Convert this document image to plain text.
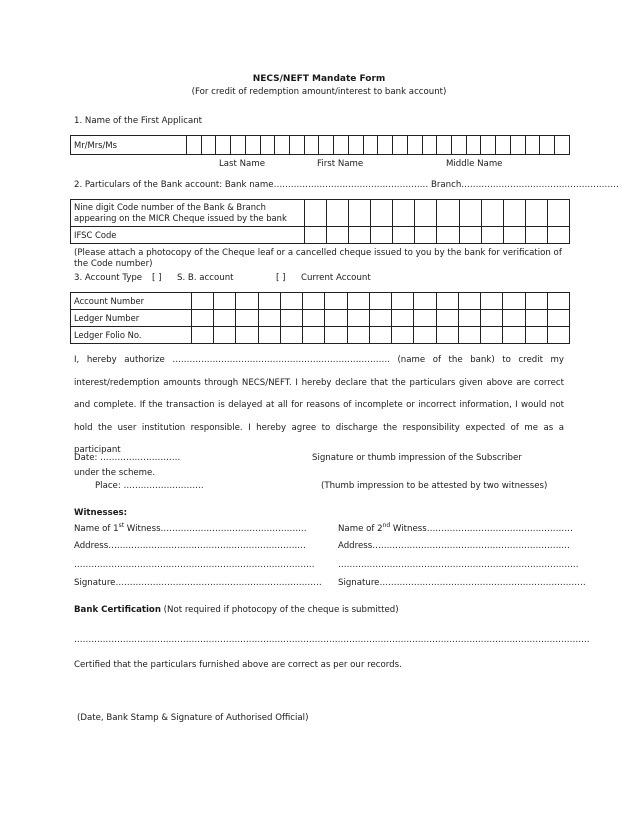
NECS/NEFT Mandate Form
(For credit of redemption amount/interest to bank account)
1. Name of the First Applicant
Mr/Mrs/Ms																										
Last Name	First Name	Middle Name
2. Particulars of the Bank account: Bank name……………………………………………… Branch……………………………………………….
Nine digit Code number of the Bank & Branch
appearing on the MICR Cheque issued by the bank												

IFSC Code												
(Please attach a photocopy of the Cheque leaf or a cancelled cheque issued to you by the bank for verification of
the Code number)
3. Account Type [ ] S. B. account	[ ] Current Account
Account Number																	
Ledger Number																	
Ledger Folio No.																	
I, hereby authorize …………………………………………………………………. (name of the bank) to credit my
interest/redemption amounts through NECS/NEFT. I hereby declare that the particulars given above are correct
and complete. If the transaction is delayed at all for reasons of incomplete or incorrect information, I would not
hold the user institution responsible. I hereby agree to discharge the responsibility expected of me as a participant
under the scheme.
Date: ……………………….	Signature or thumb impression of the Subscriber
Place: ……………………….	(Thumb impression to be attested by two witnesses)
Witnesses:
Name of 1st Witness……………………………………………	Name of 2nd Witness……………………………………………
Address……………………………………………………………	Address……………………………………………………………
…………………………………………………………………………	…………………………………………………………………………
Signature……………………………………………………………… Signature………………………………………………………………
Bank Certification (Not required if photocopy of the cheque is submitted)
………………………………………………………………………………………………………………………………………………………………
Certified that the particulars furnished above are correct as per our records.
(Date, Bank Stamp & Signature of Authorised Official)
